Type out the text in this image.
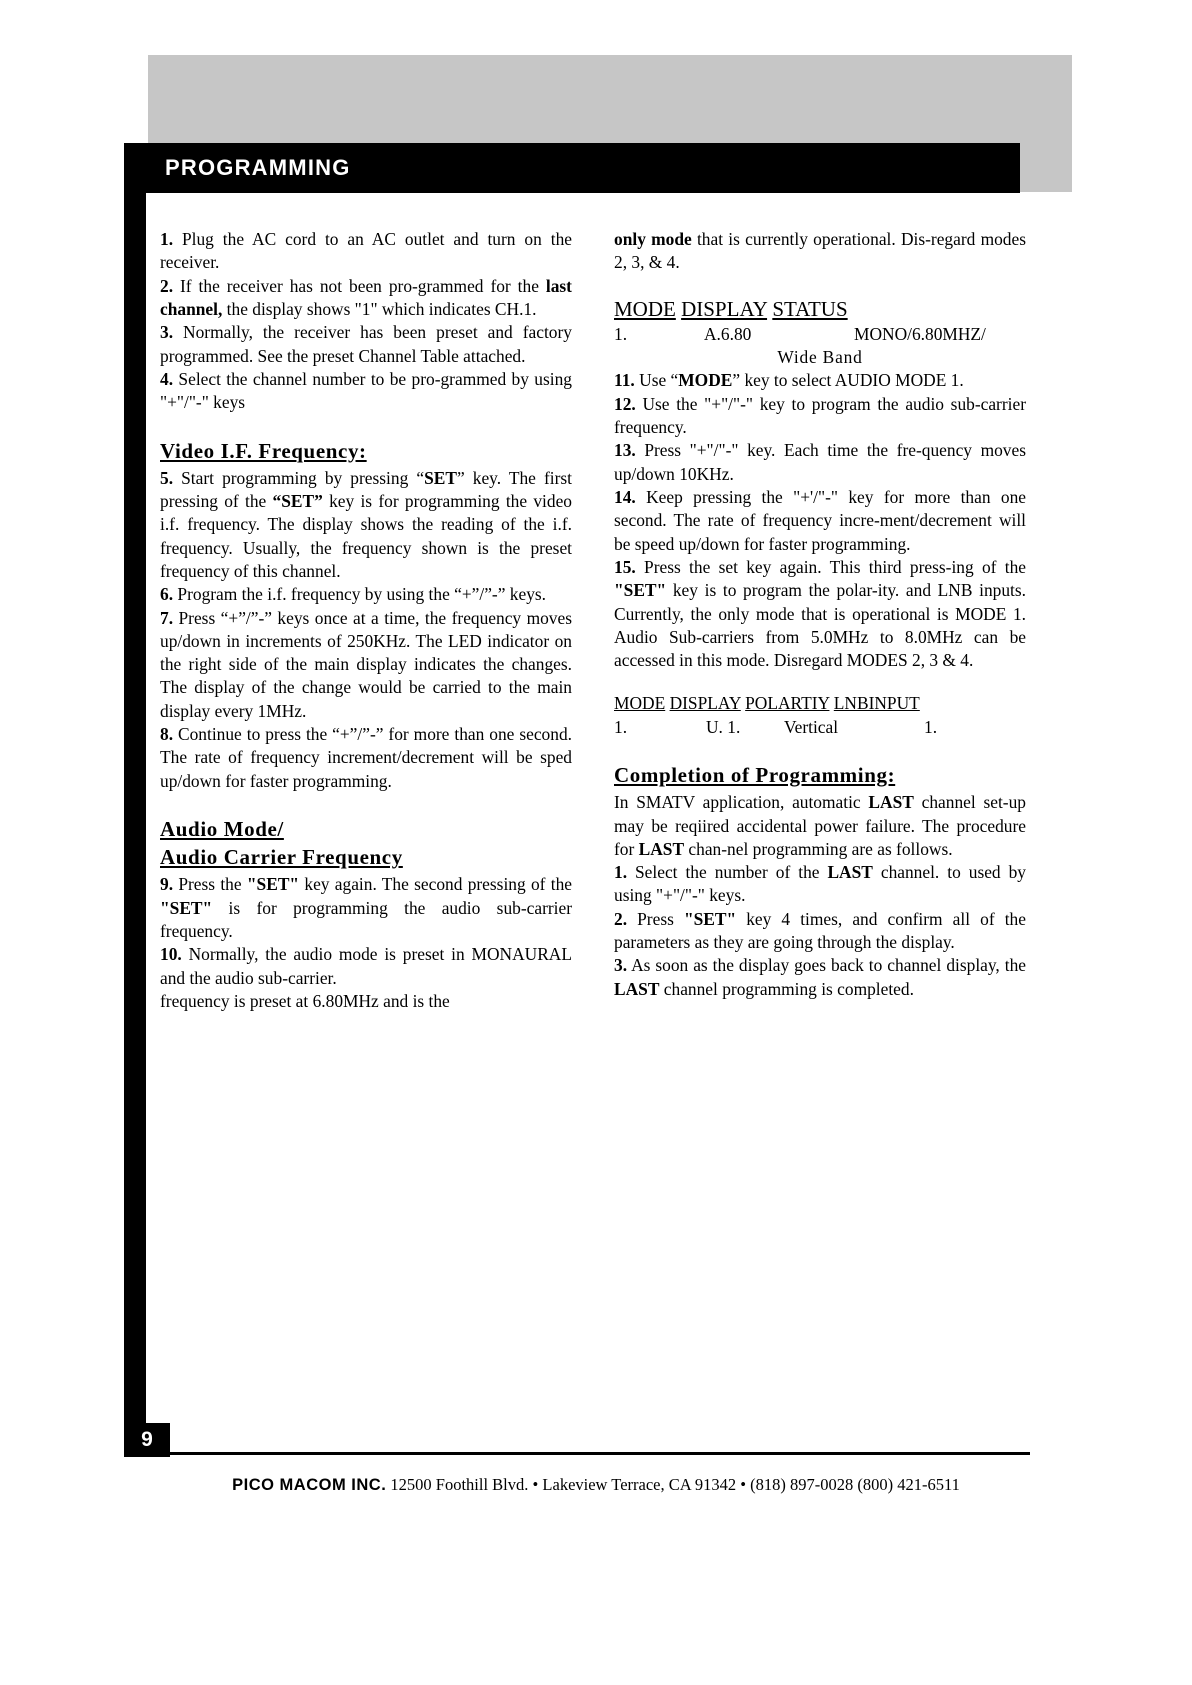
PROGRAMMING

1. Plug the AC cord to an AC outlet and turn on the receiver.

2. If the receiver has not been pro-grammed for the last channel, the display shows "1" which indicates CH.1.

3. Normally, the receiver has been preset and factory programmed. See the preset Channel Table attached.

4. Select the channel number to be pro-grammed by using "+"/"-" keys

Video I.F. Frequency:

5. Start programming by pressing “SET” key. The first pressing of the “SET” key is for programming the video i.f. frequency. The display shows the reading of the i.f. frequency. Usually, the frequency shown is the preset frequency of this channel.

6. Program the i.f. frequency by using the “+”/”-” keys.

7. Press “+”/”-” keys once at a time, the frequency moves up/down in increments of 250KHz. The LED indicator on the right side of the main display indicates the changes. The display of the change would be carried to the main display every 1MHz.

8. Continue to press the “+”/”-” for more than one second. The rate of frequency increment/decrement will be sped up/down for faster programming.

Audio Mode/
Audio Carrier Frequency

9. Press the "SET" key again. The second pressing of the "SET" is for programming the audio sub-carrier frequency.

10. Normally, the audio mode is preset in MONAURAL and the audio sub-carrier.

frequency is preset at 6.80MHz and is the

only mode that is currently operational. Dis-regard modes 2, 3, & 4.

MODE DISPLAY STATUS
1.	A.6.80	MONO/6.80MHZ/
Wide Band

11. Use “MODE” key to select AUDIO MODE 1.

12. Use the "+"/"-" key to program the audio sub-carrier frequency.

13. Press "+"/"-" key. Each time the fre-quency moves up/down 10KHz.

14. Keep pressing the "+'/"-" key for more than one second. The rate of frequency incre-ment/decrement will be speed up/down for faster programming.

15. Press the set key again. This third press-ing of the "SET" key is to program the polar-ity. and LNB inputs. Currently, the only mode that is operational is MODE 1. Audio Sub-carriers from 5.0MHz to 8.0MHz can be accessed in this mode. Disregard MODES 2, 3 & 4.

MODE DISPLAY POLARTIY LNBINPUT
1.	U. 1.	Vertical	1.
Completion of Programming:

In SMATV application, automatic LAST channel set-up may be reqiired accidental power failure. The procedure for LAST chan-nel programming are as follows.

1. Select the number of the LAST channel. to used by using "+"/"-" keys.

2. Press "SET" key 4 times, and confirm all of the parameters as they are going through the display.

3. As soon as the display goes back to channel display, the LAST channel programming is completed.

9
PICO MACOM INC. 12500 Foothill Blvd. • Lakeview Terrace, CA 91342 • (818) 897-0028 (800) 421-6511
